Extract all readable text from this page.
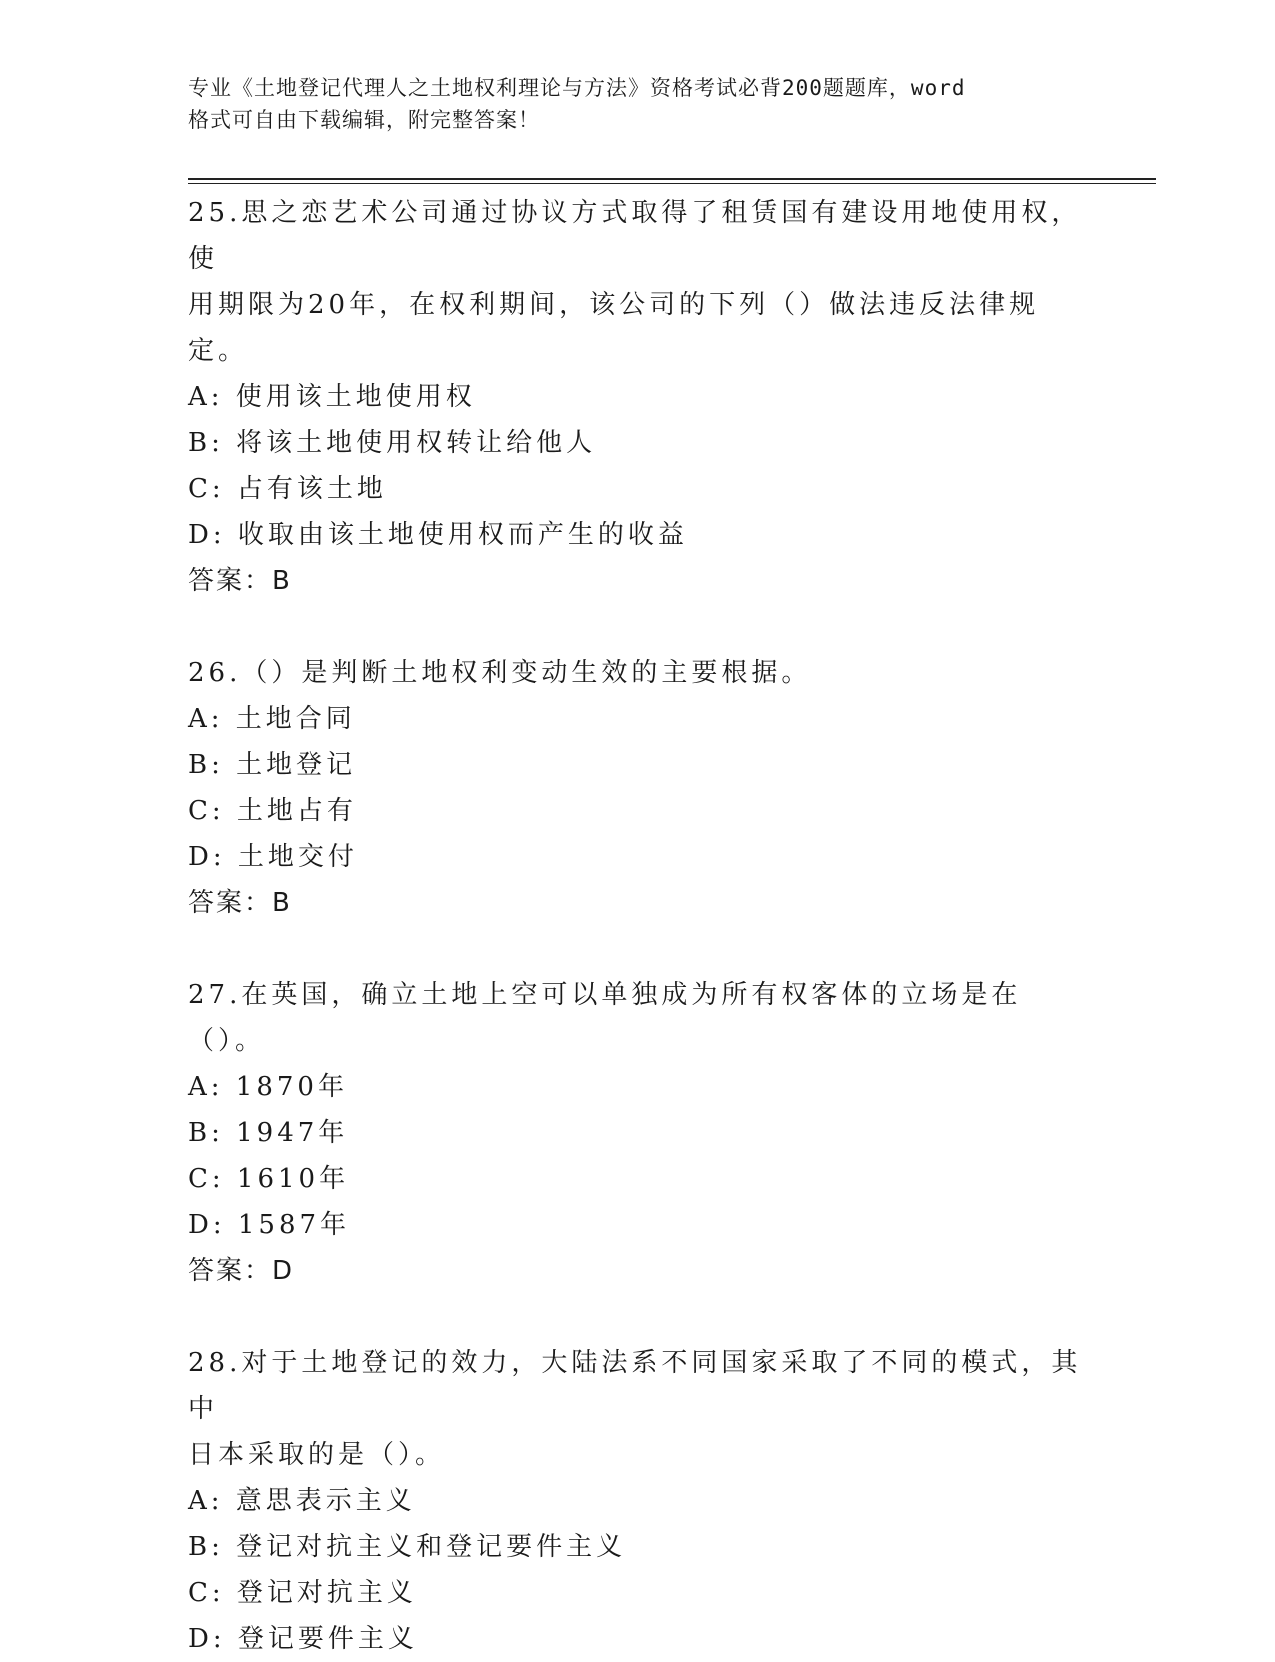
专业《土地登记代理人之土地权利理论与方法》资格考试必背200题题库，word
格式可自由下载编辑，附完整答案！

25.思之恋艺术公司通过协议方式取得了租赁国有建设用地使用权，使

用期限为20年，在权利期间，该公司的下列（）做法违反法律规定。

A: 使用该土地使用权

B: 将该土地使用权转让给他人

C: 占有该土地

D: 收取由该土地使用权而产生的收益

答案：B

26.（）是判断土地权利变动生效的主要根据。

A: 土地合同

B: 土地登记

C: 土地占有

D: 土地交付

答案：B

27.在英国，确立土地上空可以单独成为所有权客体的立场是在（）。

A: 1870年

B: 1947年

C: 1610年

D: 1587年

答案：D

28.对于土地登记的效力，大陆法系不同国家采取了不同的模式，其中

日本采取的是（）。

A: 意思表示主义

B: 登记对抗主义和登记要件主义

C: 登记对抗主义

D: 登记要件主义
